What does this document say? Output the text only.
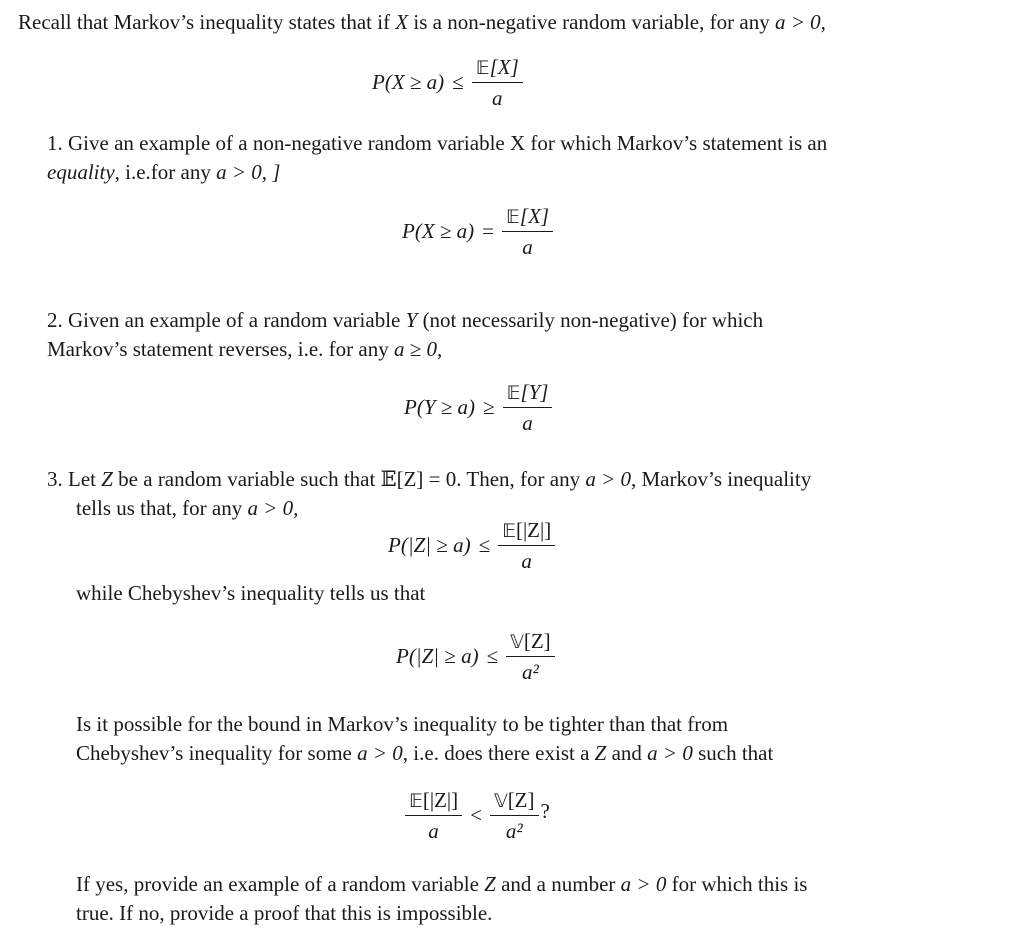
Recall that Markov’s inequality states that if X is a non-negative random variable, for any a > 0,
$P(X \ge a) \le \frac{\text{𝔼[X]}}{a}$
1. Give an example of a non-negative random variable X for which Markov’s statement is an
equality, i.e.for any a > 0, ]
$P(X \ge a) = \frac{\text{𝔼[X]}}{a}$
2. Given an example of a random variable Y (not necessarily non-negative) for which
Markov’s statement reverses, i.e. for any a ≥ 0,
$P(Y \ge a) \ge \frac{\text{𝔼[Y]}}{a}$
3. Let Z be a random variable such that 𝔼[Z] = 0. Then, for any a > 0, Markov’s inequality
tells us that, for any a > 0,
$P(|Z| \ge a) \le \frac{\text{𝔼[|Z|]}}{a}$
while Chebyshev’s inequality tells us that
$P(|Z| \ge a) \le \frac{\text{𝕍[Z]}}{\text{a²}}$
Is it possible for the bound in Markov’s inequality to be tighter than that from
Chebyshev’s inequality for some a > 0, i.e. does there exist a Z and a > 0 such that
$\frac{\text{𝔼[|Z|]}}{a} < \frac{\text{𝕍[Z]}}{\text{a²}}$ ?
If yes, provide an example of a random variable Z and a number a > 0 for which this is
true. If no, provide a proof that this is impossible.
